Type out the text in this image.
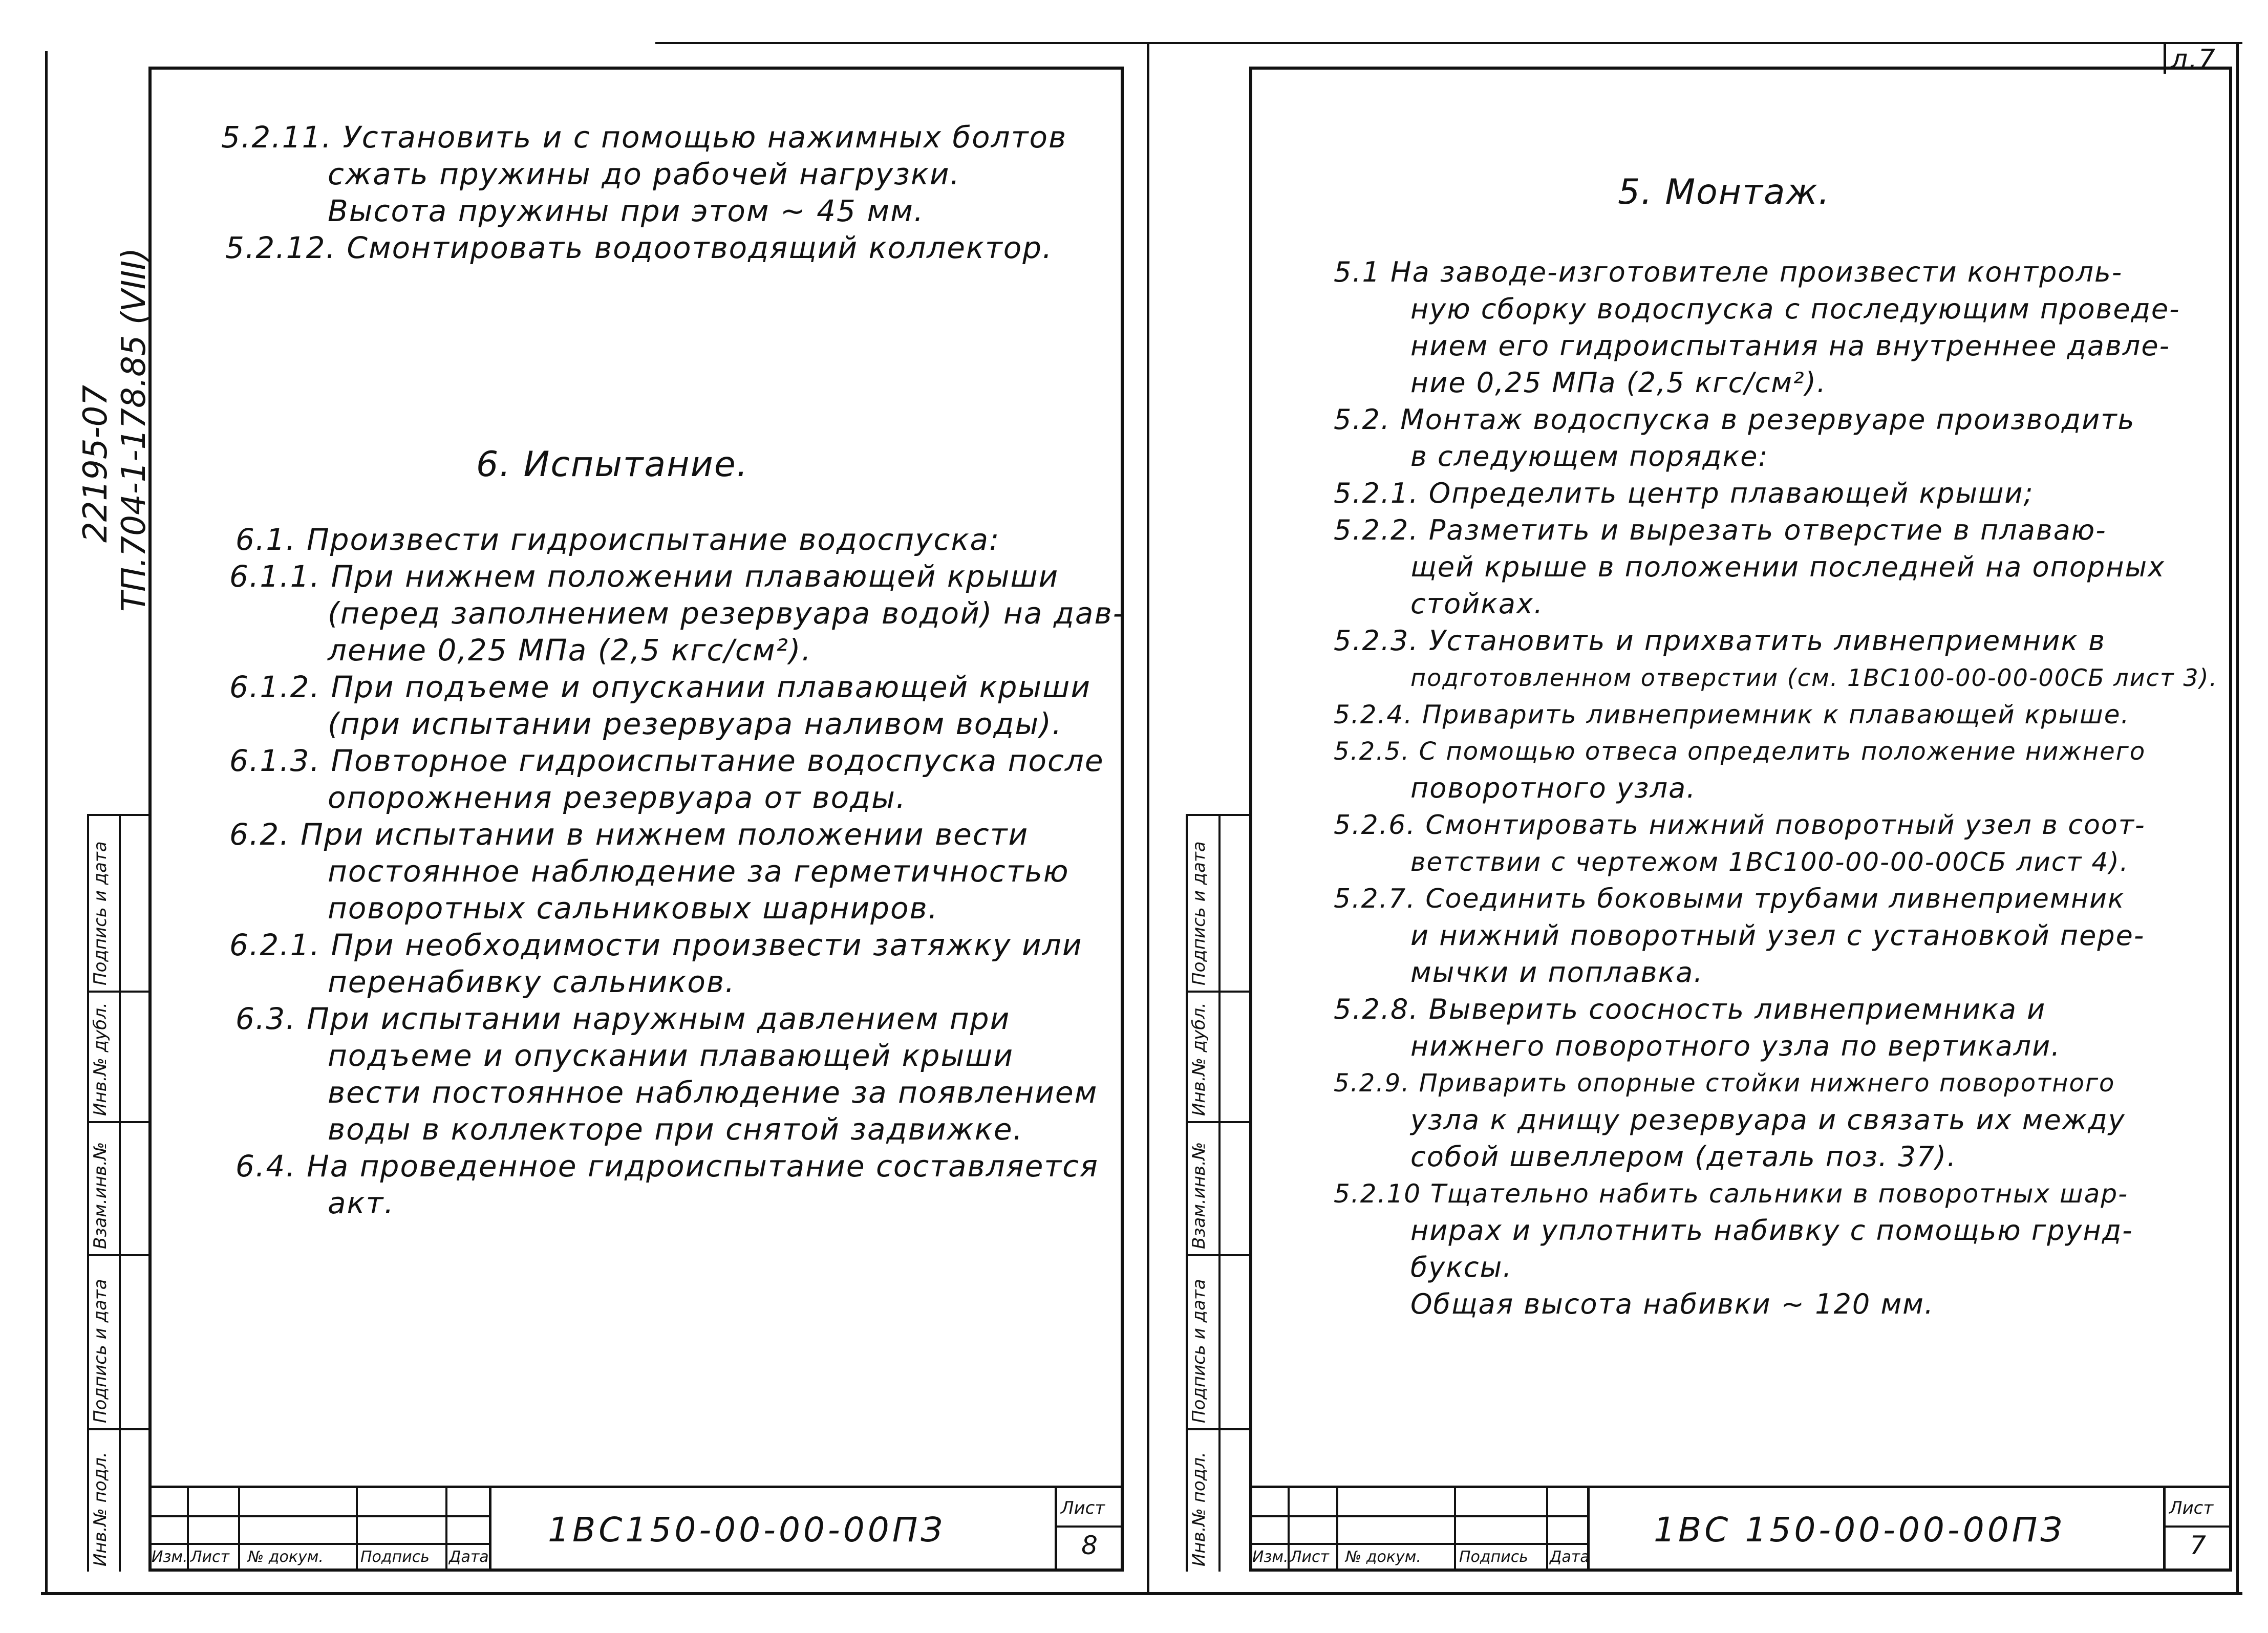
л.7
22195-07 ТП.704-1-178.85 (VIII)
Инв.№ подл.
Подпись и дата
Взам.инв.№
Инв.№ дубл.
Подпись и дата
5.2.11. Установить и с помощью нажимных болтов
сжать пружины до рабочей нагрузки.
Высота пружины при этом ~ 45 мм.
5.2.12. Смонтировать водоотводящий коллектор.
6. Испытание.
6.1. Произвести гидроиспытание водоспуска:
6.1.1. При нижнем положении плавающей крыши
(перед заполнением резервуара водой) на дав-
ление 0,25 МПа (2,5 кгс/см²).
6.1.2. При подъеме и опускании плавающей крыши
(при испытании резервуара наливом воды).
6.1.3. Повторное гидроиспытание водоспуска после
опорожнения резервуара от воды.
6.2. При испытании в нижнем положении вести
постоянное наблюдение за герметичностью
поворотных сальниковых шарниров.
6.2.1. При необходимости произвести затяжку или
перенабивку сальников.
6.3. При испытании наружным давлением при
подъеме и опускании плавающей крыши
вести постоянное наблюдение за появлением
воды в коллекторе при снятой задвижке.
6.4. На проведенное гидроиспытание составляется
акт.
Изм. Лист № докум. Подпись Дата
1ВС150-00-00-00ПЗ
Лист
8	Инв.№ подл.
Подпись и дата
Взам.инв.№
Инв.№ дубл.
Подпись и дата
5. Монтаж.
5.1 На заводе-изготовителе произвести контроль-
ную сборку водоспуска с последующим проведе-
нием его гидроиспытания на внутреннее давле-
ние 0,25 МПа (2,5 кгс/см²).
5.2. Монтаж водоспуска в резервуаре производить
в следующем порядке:
5.2.1. Определить центр плавающей крыши;
5.2.2. Разметить и вырезать отверстие в плаваю-
щей крыше в положении последней на опорных
стойках.
5.2.3. Установить и прихватить ливнеприемник в
подготовленном отверстии (см. 1ВС100-00-00-00СБ лист 3).
5.2.4. Приварить ливнеприемник к плавающей крыше.
5.2.5. С помощью отвеса определить положение нижнего
поворотного узла.
5.2.6. Смонтировать нижний поворотный узел в соот-
ветствии с чертежом 1ВС100-00-00-00СБ лист 4).
5.2.7. Соединить боковыми трубами ливнеприемник
и нижний поворотный узел с установкой пере-
мычки и поплавка.
5.2.8. Выверить соосность ливнеприемника и
нижнего поворотного узла по вертикали.
5.2.9. Приварить опорные стойки нижнего поворотного
узла к днищу резервуара и связать их между
собой швеллером (деталь поз. 37).
5.2.10 Тщательно набить сальники в поворотных шар-
нирах и уплотнить набивку с помощью грунд-
буксы.
Общая высота набивки ~ 120 мм.
Изм. Лист № докум. Подпись Дата
1ВС 150-00-00-00ПЗ
Лист
7
